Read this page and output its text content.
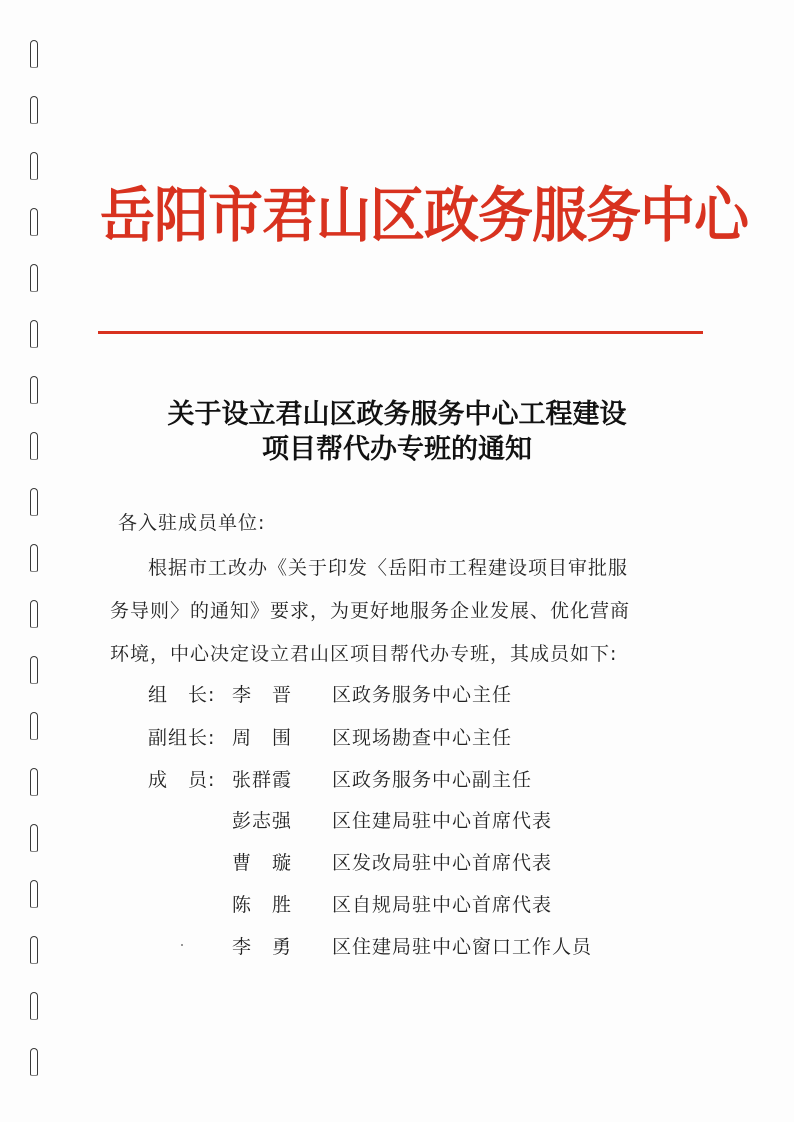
岳阳市君山区政务服务中心
关于设立君山区政务服务中心工程建设
项目帮代办专班的通知
各入驻成员单位:
根据市工改办《关于印发〈岳阳市工程建设项目审批服
务导则〉的通知》要求，为更好地服务企业发展、优化营商
环境，中心决定设立君山区项目帮代办专班，其成员如下:
组　长: 李　晋	区政务服务中心主任
副组长: 周　围	区现场勘查中心主任
成　员: 张群霞	区政务服务中心副主任
彭志强	区住建局驻中心首席代表
曹　璇	区发改局驻中心首席代表
陈　胜	区自规局驻中心首席代表
李　勇	区住建局驻中心窗口工作人员
